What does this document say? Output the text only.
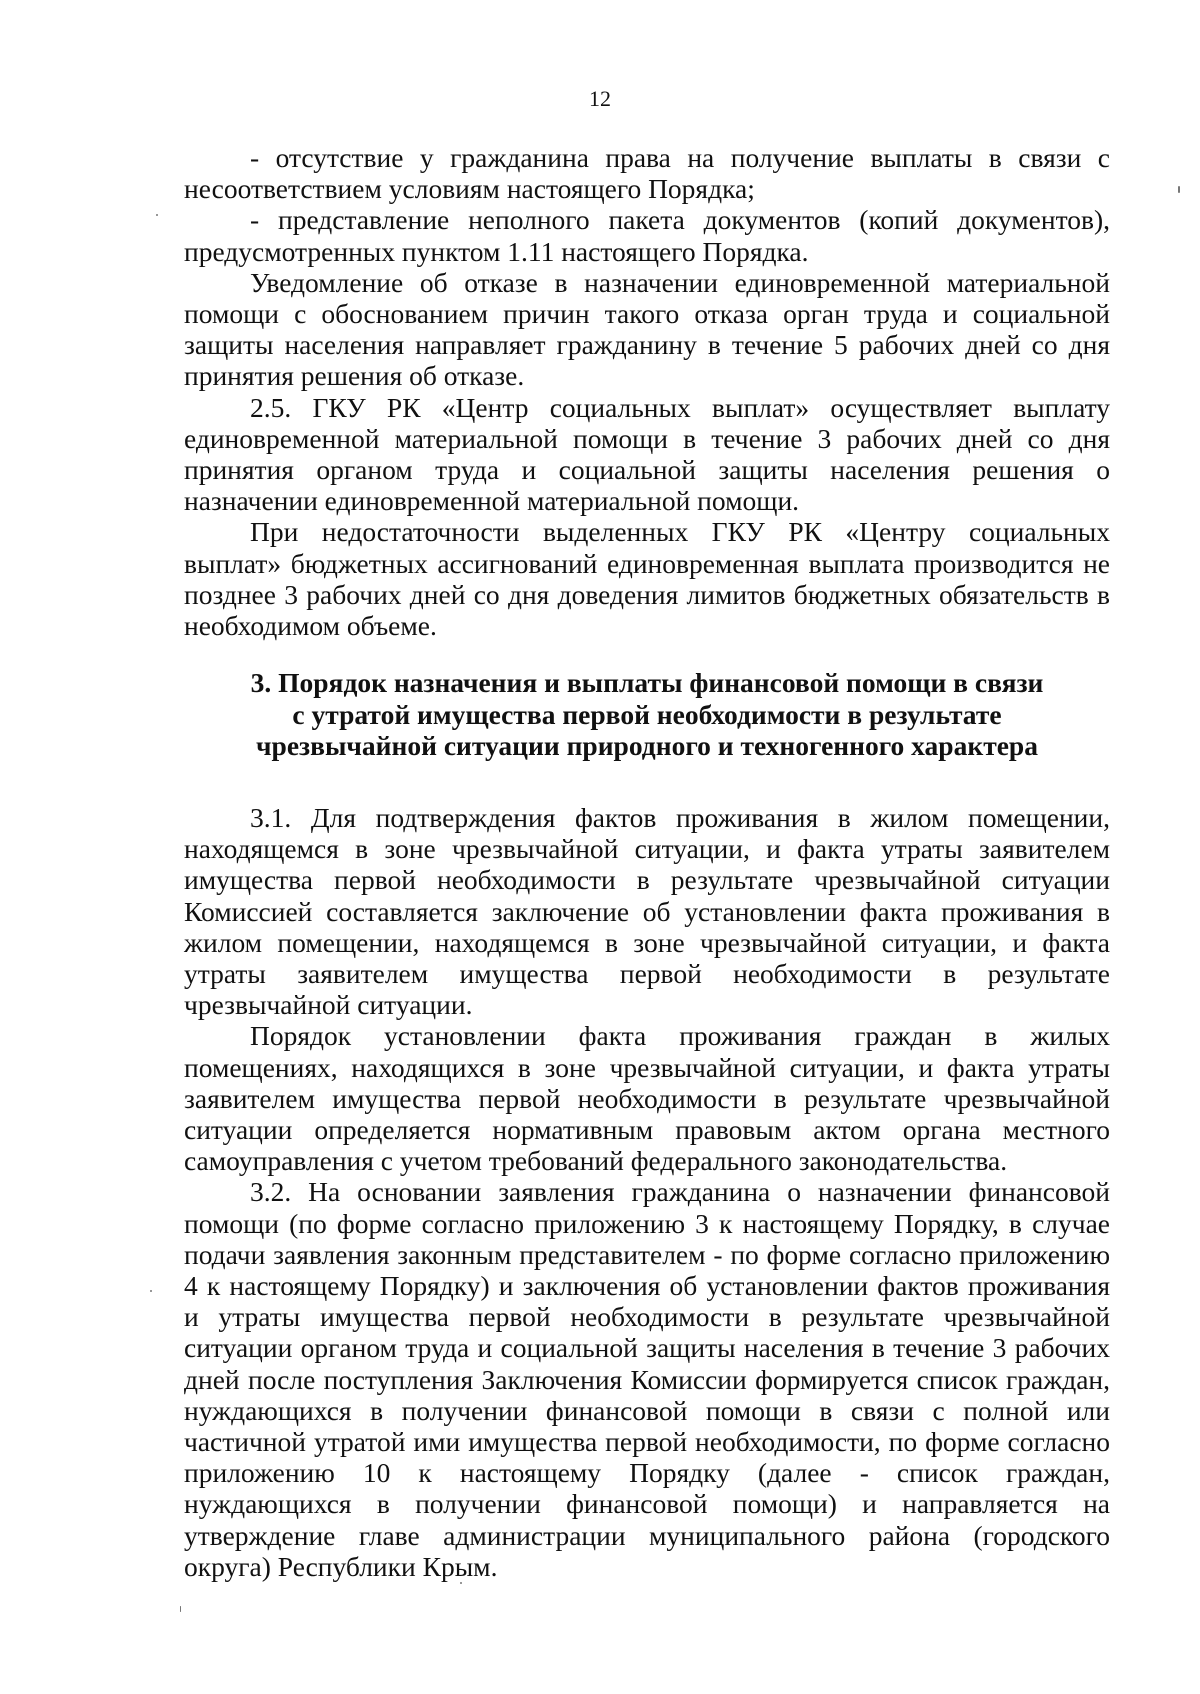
12

- отсутствие у гражданина права на получение выплаты в связи с несоответствием условиям настоящего Порядка;

- представление неполного пакета документов (копий документов), предусмотренных пунктом 1.11 настоящего Порядка.

Уведомление об отказе в назначении единовременной материальной помощи с обоснованием причин такого отказа орган труда и социальной защиты населения направляет гражданину в течение 5 рабочих дней со дня принятия решения об отказе.

2.5. ГКУ РК «Центр социальных выплат» осуществляет выплату единовременной материальной помощи в течение 3 рабочих дней со дня принятия органом труда и социальной защиты населения решения о назначении единовременной материальной помощи.

При недостаточности выделенных ГКУ РК «Центру социальных выплат» бюджетных ассигнований единовременная выплата производится не позднее 3 рабочих дней со дня доведения лимитов бюджетных обязательств в необходимом объеме.

3. Порядок назначения и выплаты финансовой помощи в связи
с утратой имущества первой необходимости в результате
чрезвычайной ситуации природного и техногенного характера

3.1. Для подтверждения фактов проживания в жилом помещении, находящемся в зоне чрезвычайной ситуации, и факта утраты заявителем имущества первой необходимости в результате чрезвычайной ситуации Комиссией составляется заключение об установлении факта проживания в жилом помещении, находящемся в зоне чрезвычайной ситуации, и факта утраты заявителем имущества первой необходимости в результате чрезвычайной ситуации.

Порядок установлении факта проживания граждан в жилых помещениях, находящихся в зоне чрезвычайной ситуации, и факта утраты заявителем имущества первой необходимости в результате чрезвычайной ситуации определяется нормативным правовым актом органа местного самоуправления с учетом требований федерального законодательства.

3.2. На основании заявления гражданина о назначении финансовой помощи (по форме согласно приложению 3 к настоящему Порядку, в случае подачи заявления законным представителем - по форме согласно приложению 4 к настоящему Порядку) и заключения об установлении фактов проживания и утраты имущества первой необходимости в результате чрезвычайной ситуации органом труда и социальной защиты населения в течение 3 рабочих дней после поступления Заключения Комиссии формируется список граждан, нуждающихся в получении финансовой помощи в связи с полной или частичной утратой ими имущества первой необходимости, по форме согласно приложению 10 к настоящему Порядку (далее - список граждан, нуждающихся в получении финансовой помощи) и направляется на утверждение главе администрации муниципального района (городского округа) Республики Крым.
